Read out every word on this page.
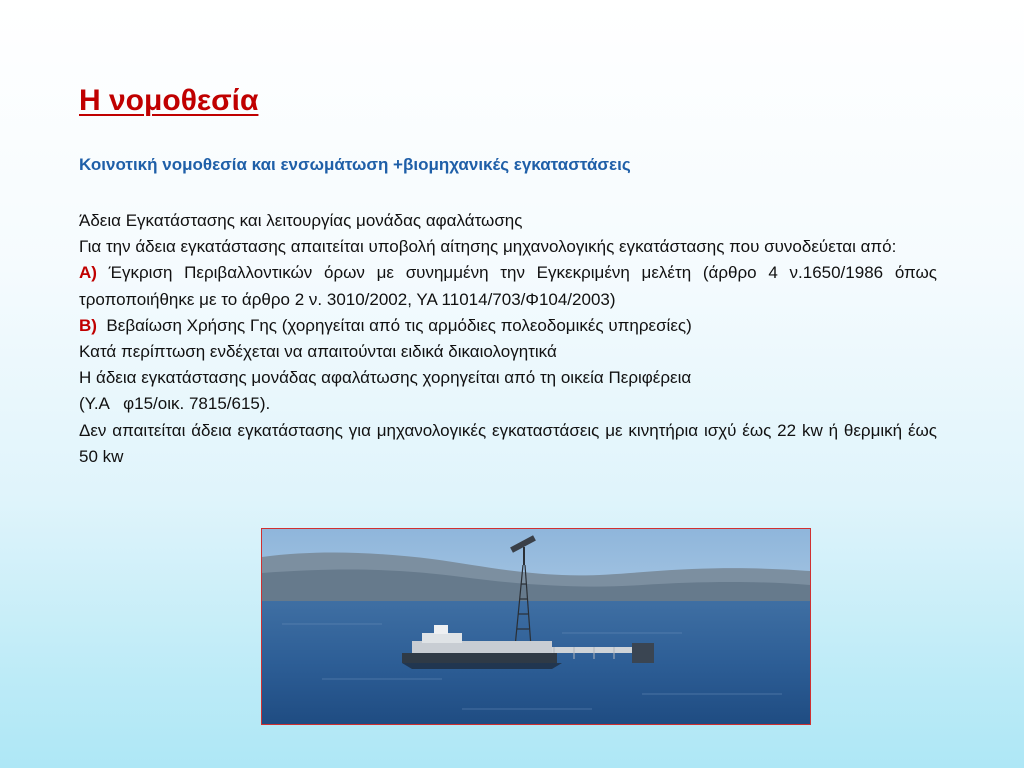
Η νομοθεσία
Κοινοτική νομοθεσία και ενσωμάτωση +βιομηχανικές εγκαταστάσεις

Άδεια Εγκατάστασης και λειτουργίας μονάδας αφαλάτωσης

Για την άδεια εγκατάστασης απαιτείται υποβολή αίτησης μηχανολογικής εγκατάστασης που συνοδεύεται από:

Α) Έγκριση Περιβαλλοντικών όρων με συνημμένη την Εγκεκριμένη μελέτη (άρθρο 4 ν.1650/1986 όπως τροποποιήθηκε με το άρθρο 2 ν. 3010/2002, ΥΑ 11014/703/Φ104/2003)

Β) Βεβαίωση Χρήσης Γης (χορηγείται από τις αρμόδιες πολεοδομικές υπηρεσίες)

Κατά περίπτωση ενδέχεται να απαιτούνται ειδικά δικαιολογητικά

Η άδεια εγκατάστασης μονάδας αφαλάτωσης χορηγείται από τη οικεία Περιφέρεια

(Υ.Α   φ15/οικ. 7815/615).

Δεν απαιτείται άδεια εγκατάστασης για μηχανολογικές εγκαταστάσεις με κινητήρια ισχύ έως 22 kw ή θερμική έως 50 kw
